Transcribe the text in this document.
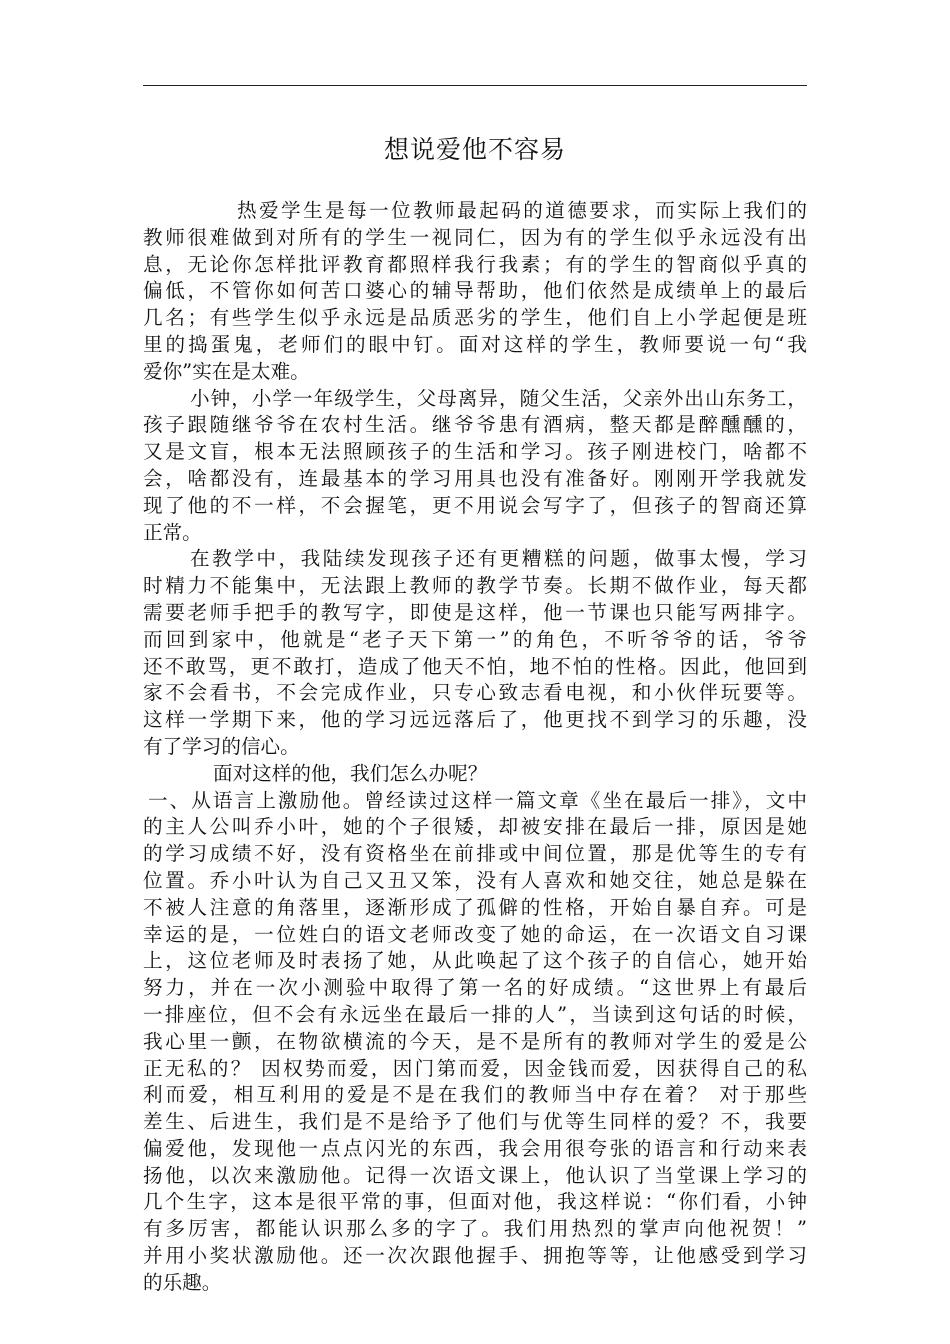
想说爱他不容易
热爱学生是每一位教师最起码的道德要求，而实际上我们的
教师很难做到对所有的学生一视同仁，因为有的学生似乎永远没有出
息，无论你怎样批评教育都照样我行我素；有的学生的智商似乎真的
偏低，不管你如何苦口婆心的辅导帮助，他们依然是成绩单上的最后
几名；有些学生似乎永远是品质恶劣的学生，他们自上小学起便是班
里的捣蛋鬼，老师们的眼中钉。面对这样的学生，教师要说一句“我
爱你”实在是太难。
小钟，小学一年级学生，父母离异，随父生活，父亲外出山东务工，
孩子跟随继爷爷在农村生活。继爷爷患有酒病，整天都是醉醺醺的，
又是文盲，根本无法照顾孩子的生活和学习。孩子刚进校门，啥都不
会，啥都没有，连最基本的学习用具也没有准备好。刚刚开学我就发
现了他的不一样，不会握笔，更不用说会写字了，但孩子的智商还算
正常。
在教学中，我陆续发现孩子还有更糟糕的问题，做事太慢，学习
时精力不能集中，无法跟上教师的教学节奏。长期不做作业，每天都
需要老师手把手的教写字，即使是这样，他一节课也只能写两排字。
而回到家中，他就是“老子天下第一”的角色，不听爷爷的话，爷爷
还不敢骂，更不敢打，造成了他天不怕，地不怕的性格。因此，他回到
家不会看书，不会完成作业，只专心致志看电视，和小伙伴玩要等。
这样一学期下来，他的学习远远落后了，他更找不到学习的乐趣，没
有了学习的信心。
面对这样的他，我们怎么办呢？
一、从语言上激励他。曾经读过这样一篇文章《坐在最后一排》，文中
的主人公叫乔小叶，她的个子很矮，却被安排在最后一排，原因是她
的学习成绩不好，没有资格坐在前排或中间位置，那是优等生的专有
位置。乔小叶认为自己又丑又笨，没有人喜欢和她交往，她总是躲在
不被人注意的角落里，逐渐形成了孤僻的性格，开始自暴自弃。可是
幸运的是，一位姓白的语文老师改变了她的命运，在一次语文自习课
上，这位老师及时表扬了她，从此唤起了这个孩子的自信心，她开始
努力，并在一次小测验中取得了第一名的好成绩。“这世界上有最后
一排座位，但不会有永远坐在最后一排的人”，当读到这句话的时候，
我心里一颤，在物欲横流的今天，是不是所有的教师对学生的爱是公
正无私的？ 因权势而爱，因门第而爱，因金钱而爱，因获得自己的私
利而爱，相互利用的爱是不是在我们的教师当中存在着？ 对于那些
差生、后进生，我们是不是给予了他们与优等生同样的爱？不，我要
偏爱他，发现他一点点闪光的东西，我会用很夸张的语言和行动来表
扬他，以次来激励他。记得一次语文课上，他认识了当堂课上学习的
几个生字，这本是很平常的事，但面对他，我这样说：“你们看，小钟
有多厉害，都能认识那么多的字了。我们用热烈的掌声向他祝贺！”
并用小奖状激励他。还一次次跟他握手、拥抱等等，让他感受到学习
的乐趣。
